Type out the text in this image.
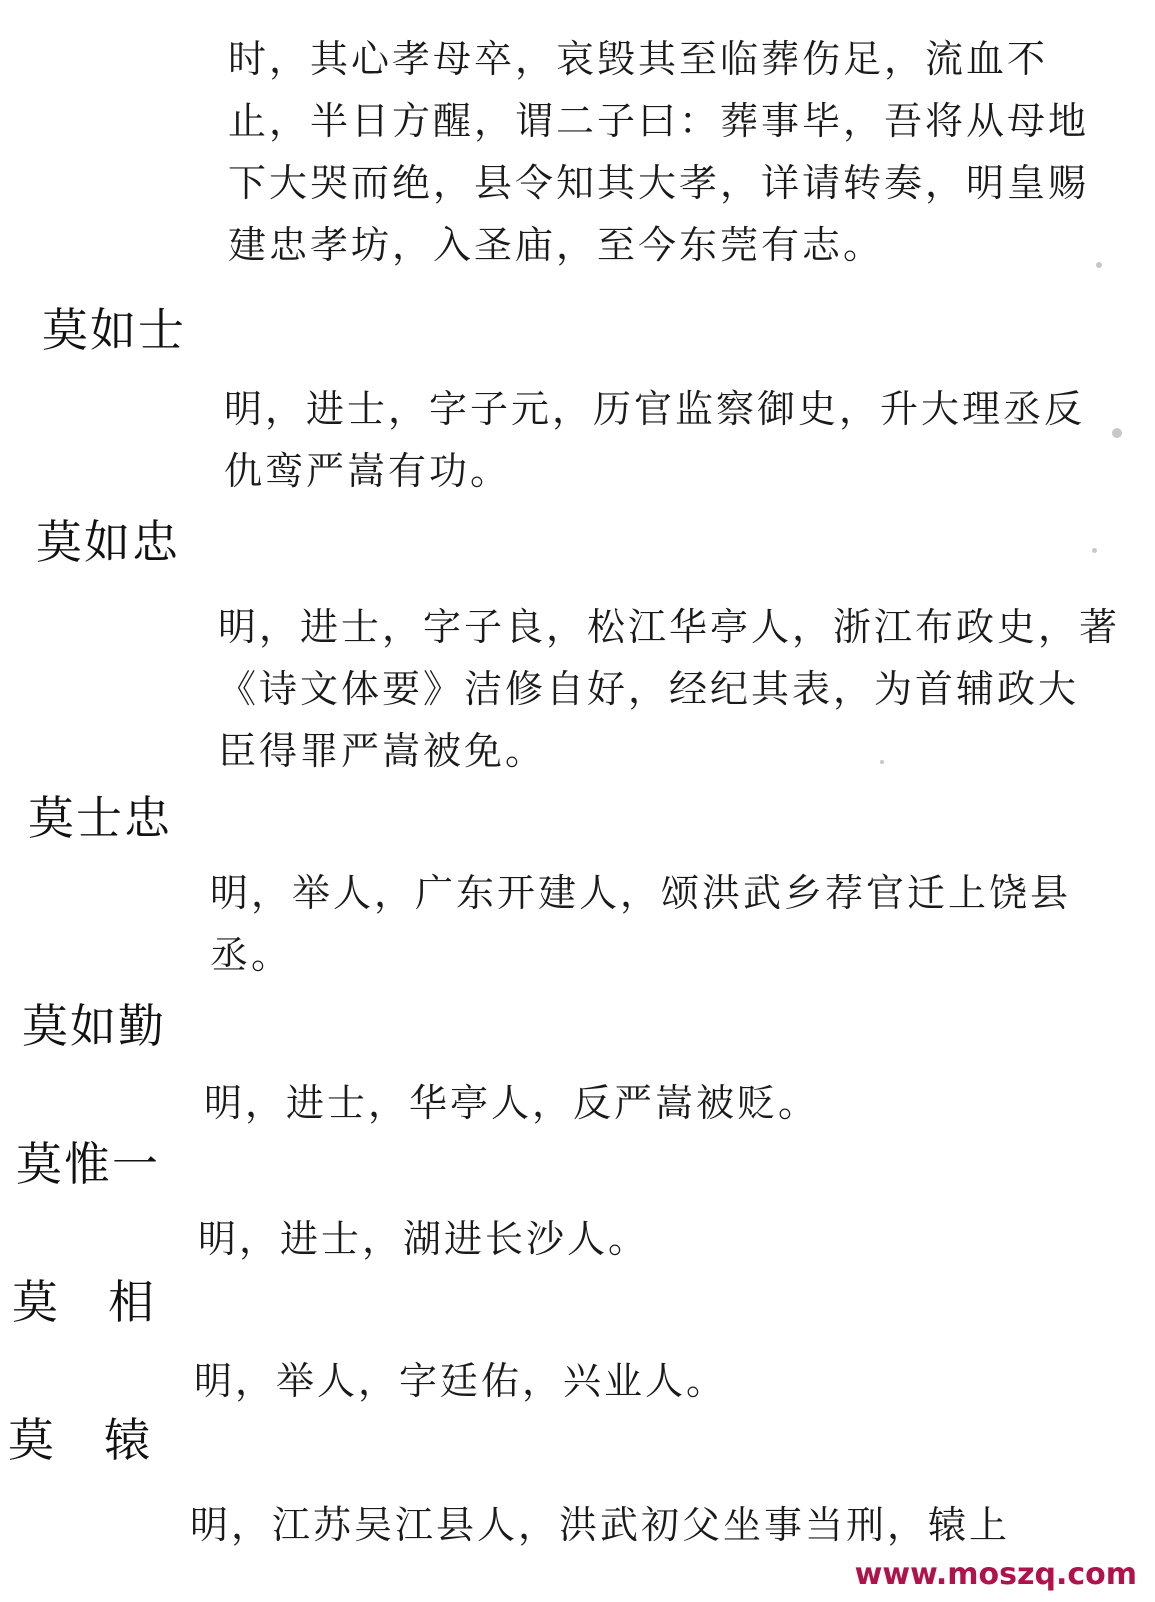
时，其心孝母卒，哀毁其至临葬伤足，流血不
止，半日方醒，谓二子曰：葬事毕，吾将从母地
下大哭而绝，县令知其大孝，详请转奏，明皇赐
建忠孝坊，入圣庙，至今东莞有志。
莫如士
明，进士，字子元，历官监察御史，升大理丞反
仇鸾严嵩有功。
莫如忠
明，进士，字子良，松江华亭人，浙江布政史，著
《诗文体要》洁修自好，经纪其表，为首辅政大
臣得罪严嵩被免。
莫士忠
明，举人，广东开建人，颂洪武乡荐官迁上饶县
丞。
莫如勤
明，进士，华亭人，反严嵩被贬。
莫惟一
明，进士，湖进长沙人。
莫　相
明，举人，字廷佑，兴业人。
莫　辕
明，江苏吴江县人，洪武初父坐事当刑，辕上
www.moszq.com
